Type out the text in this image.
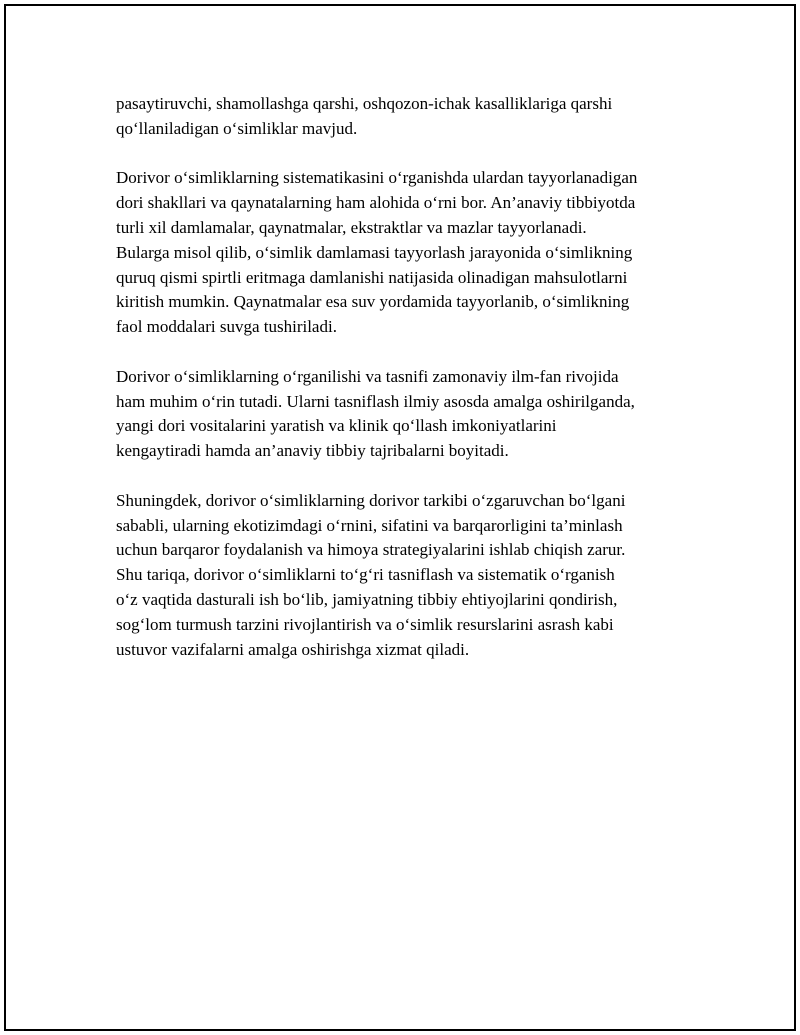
pasaytiruvchi, shamollashga qarshi, oshqozon-ichak kasalliklariga qarshi
qo‘llaniladigan o‘simliklar mavjud.
Dorivor o‘simliklarning sistematikasini o‘rganishda ulardan tayyorlanadigan
dori shakllari va qaynatalarning ham alohida o‘rni bor. An’anaviy tibbiyotda
turli xil damlamalar, qaynatmalar, ekstraktlar va mazlar tayyorlanadi.
Bularga misol qilib, o‘simlik damlamasi tayyorlash jarayonida o‘simlikning
quruq qismi spirtli eritmaga damlanishi natijasida olinadigan mahsulotlarni
kiritish mumkin. Qaynatmalar esa suv yordamida tayyorlanib, o‘simlikning
faol moddalari suvga tushiriladi.
Dorivor o‘simliklarning o‘rganilishi va tasnifi zamonaviy ilm-fan rivojida
ham muhim o‘rin tutadi. Ularni tasniflash ilmiy asosda amalga oshirilganda,
yangi dori vositalarini yaratish va klinik qo‘llash imkoniyatlarini
kengaytiradi hamda an’anaviy tibbiy tajribalarni boyitadi.
Shuningdek, dorivor o‘simliklarning dorivor tarkibi o‘zgaruvchan bo‘lgani
sababli, ularning ekotizimdagi o‘rnini, sifatini va barqarorligini ta’minlash
uchun barqaror foydalanish va himoya strategiyalarini ishlab chiqish zarur.
Shu tariqa, dorivor o‘simliklarni to‘g‘ri tasniflash va sistematik o‘rganish
o‘z vaqtida dasturali ish bo‘lib, jamiyatning tibbiy ehtiyojlarini qondirish,
sog‘lom turmush tarzini rivojlantirish va o‘simlik resurslarini asrash kabi
ustuvor vazifalarni amalga oshirishga xizmat qiladi.
